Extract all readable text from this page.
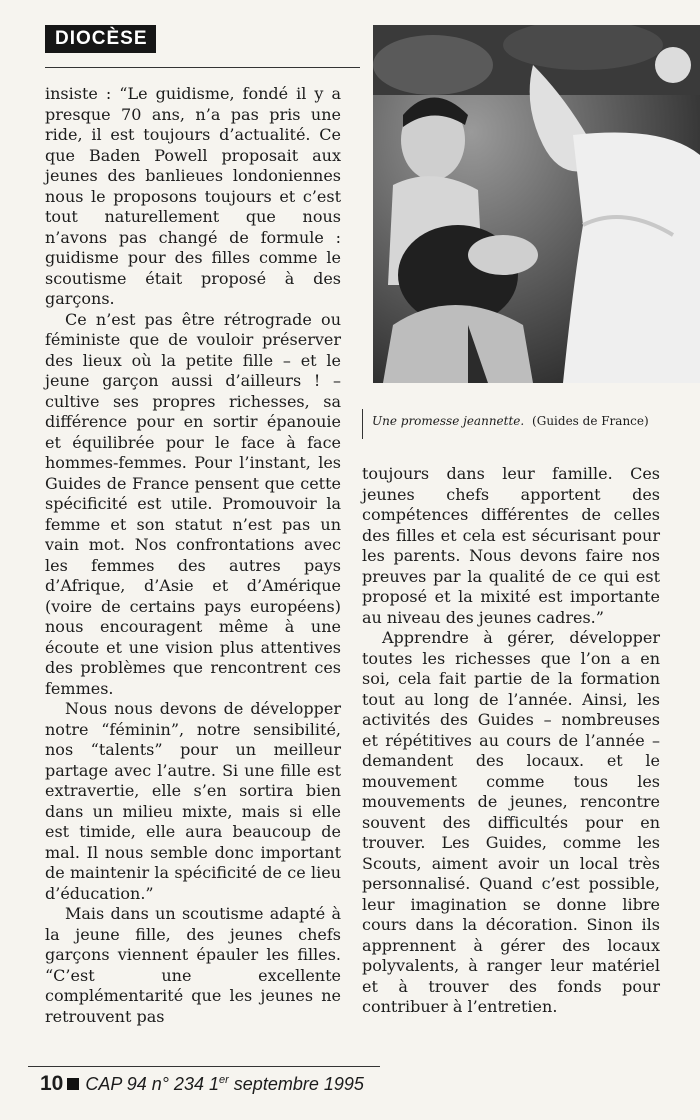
DIOCÈSE

insiste : “Le guidisme, fondé il y a presque 70 ans, n’a pas pris une ride, il est toujours d’actualité. Ce que Baden Powell proposait aux jeunes des banlieues londoniennes nous le proposons toujours et c’est tout naturellement que nous n’avons pas changé de formule : guidisme pour des filles comme le scoutisme était proposé à des garçons.

Ce n’est pas être rétrograde ou féministe que de vouloir préserver des lieux où la petite fille – et le jeune garçon aussi d’ailleurs ! – cultive ses propres richesses, sa différence pour en sortir épanouie et équilibrée pour le face à face hommes-femmes. Pour l’instant, les Guides de France pensent que cette spécificité est utile. Promouvoir la femme et son statut n’est pas un vain mot. Nos confrontations avec les femmes des autres pays d’Afrique, d’Asie et d’Amérique (voire de certains pays européens) nous encouragent même à une écoute et une vision plus attentives des problèmes que rencontrent ces femmes.

Nous nous devons de développer notre “féminin”, notre sensibilité, nos “talents” pour un meilleur partage avec l’autre. Si une fille est extravertie, elle s’en sortira bien dans un milieu mixte, mais si elle est timide, elle aura beaucoup de mal. Il nous semble donc important de maintenir la spécificité de ce lieu d’éducation.”

Mais dans un scoutisme adapté à la jeune fille, des jeunes chefs garçons viennent épauler les filles. “C’est une excellente complémentarité que les jeunes ne retrouvent pas

Une promesse jeannette. (Guides de France)

toujours dans leur famille. Ces jeunes chefs apportent des compétences différentes de celles des filles et cela est sécurisant pour les parents. Nous devons faire nos preuves par la qualité de ce qui est proposé et la mixité est importante au niveau des jeunes cadres.”

Apprendre à gérer, développer toutes les richesses que l’on a en soi, cela fait partie de la formation tout au long de l’année. Ainsi, les activités des Guides – nombreuses et répétitives au cours de l’année – demandent des locaux. et le mouvement comme tous les mouvements de jeunes, rencontre souvent des difficultés pour en trouver. Les Guides, comme les Scouts, aiment avoir un local très personnalisé. Quand c’est possible, leur imagination se donne libre cours dans la décoration. Sinon ils apprennent à gérer des locaux polyvalents, à ranger leur matériel et à trouver des fonds pour contribuer à l’entretien.

10 CAP 94 n° 234 1er septembre 1995
